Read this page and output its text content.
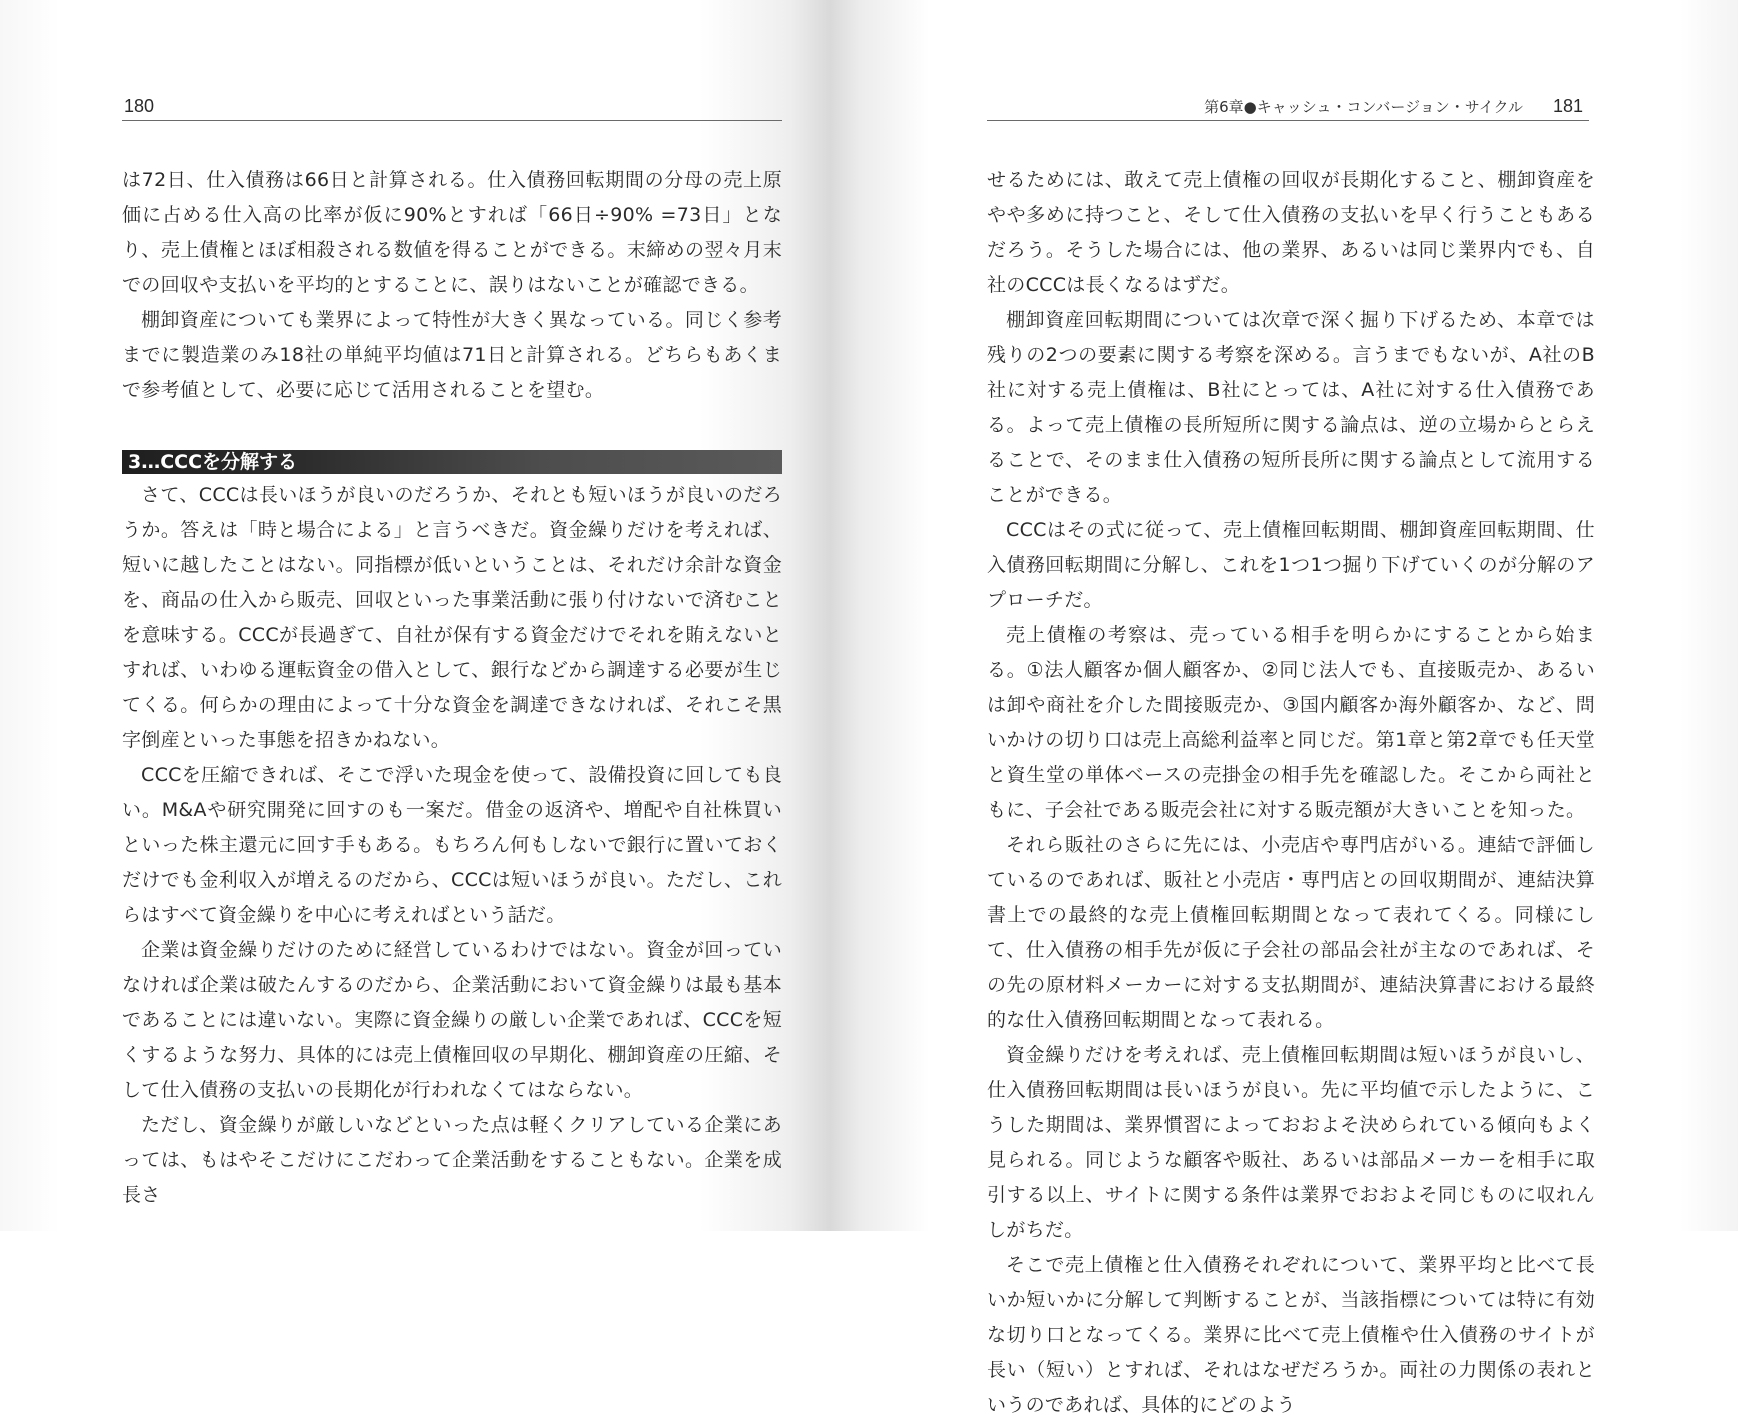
180

は72日、仕入債務は66日と計算される。仕入債務回転期間の分母の売上原価に占める仕入高の比率が仮に90%とすれば「66日÷90% =73日」となり、売上債権とほぼ相殺される数値を得ることができる。末締めの翌々月末での回収や支払いを平均的とすることに、誤りはないことが確認できる。

棚卸資産についても業界によって特性が大きく異なっている。同じく参考までに製造業のみ18社の単純平均値は71日と計算される。どちらもあくまで参考値として、必要に応じて活用されることを望む。

3…CCCを分解する

さて、CCCは長いほうが良いのだろうか、それとも短いほうが良いのだろうか。答えは「時と場合による」と言うべきだ。資金繰りだけを考えれば、短いに越したことはない。同指標が低いということは、それだけ余計な資金を、商品の仕入から販売、回収といった事業活動に張り付けないで済むことを意味する。CCCが長過ぎて、自社が保有する資金だけでそれを賄えないとすれば、いわゆる運転資金の借入として、銀行などから調達する必要が生じてくる。何らかの理由によって十分な資金を調達できなければ、それこそ黒字倒産といった事態を招きかねない。

CCCを圧縮できれば、そこで浮いた現金を使って、設備投資に回しても良い。M&Aや研究開発に回すのも一案だ。借金の返済や、増配や自社株買いといった株主還元に回す手もある。もちろん何もしないで銀行に置いておくだけでも金利収入が増えるのだから、CCCは短いほうが良い。ただし、これらはすべて資金繰りを中心に考えればという話だ。

企業は資金繰りだけのために経営しているわけではない。資金が回っていなければ企業は破たんするのだから、企業活動において資金繰りは最も基本であることには違いない。実際に資金繰りの厳しい企業であれば、CCCを短くするような努力、具体的には売上債権回収の早期化、棚卸資産の圧縮、そして仕入債務の支払いの長期化が行われなくてはならない。

ただし、資金繰りが厳しいなどといった点は軽くクリアしている企業にあっては、もはやそこだけにこだわって企業活動をすることもない。企業を成長さ

第6章●キャッシュ・コンバージョン・サイクル 181

せるためには、敢えて売上債権の回収が長期化すること、棚卸資産をやや多めに持つこと、そして仕入債務の支払いを早く行うこともあるだろう。そうした場合には、他の業界、あるいは同じ業界内でも、自社のCCCは長くなるはずだ。

棚卸資産回転期間については次章で深く掘り下げるため、本章では残りの2つの要素に関する考察を深める。言うまでもないが、A社のB社に対する売上債権は、B社にとっては、A社に対する仕入債務である。よって売上債権の長所短所に関する論点は、逆の立場からとらえることで、そのまま仕入債務の短所長所に関する論点として流用することができる。

CCCはその式に従って、売上債権回転期間、棚卸資産回転期間、仕入債務回転期間に分解し、これを1つ1つ掘り下げていくのが分解のアプローチだ。

売上債権の考察は、売っている相手を明らかにすることから始まる。①法人顧客か個人顧客か、②同じ法人でも、直接販売か、あるいは卸や商社を介した間接販売か、③国内顧客か海外顧客か、など、問いかけの切り口は売上高総利益率と同じだ。第1章と第2章でも任天堂と資生堂の単体ベースの売掛金の相手先を確認した。そこから両社ともに、子会社である販売会社に対する販売額が大きいことを知った。

それら販社のさらに先には、小売店や専門店がいる。連結で評価しているのであれば、販社と小売店・専門店との回収期間が、連結決算書上での最終的な売上債権回転期間となって表れてくる。同様にして、仕入債務の相手先が仮に子会社の部品会社が主なのであれば、その先の原材料メーカーに対する支払期間が、連結決算書における最終的な仕入債務回転期間となって表れる。

資金繰りだけを考えれば、売上債権回転期間は短いほうが良いし、仕入債務回転期間は長いほうが良い。先に平均値で示したように、こうした期間は、業界慣習によっておおよそ決められている傾向もよく見られる。同じような顧客や販社、あるいは部品メーカーを相手に取引する以上、サイトに関する条件は業界でおおよそ同じものに収れんしがちだ。

そこで売上債権と仕入債務それぞれについて、業界平均と比べて長いか短いかに分解して判断することが、当該指標については特に有効な切り口となってくる。業界に比べて売上債権や仕入債務のサイトが長い（短い）とすれば、それはなぜだろうか。両社の力関係の表れというのであれば、具体的にどのよう
